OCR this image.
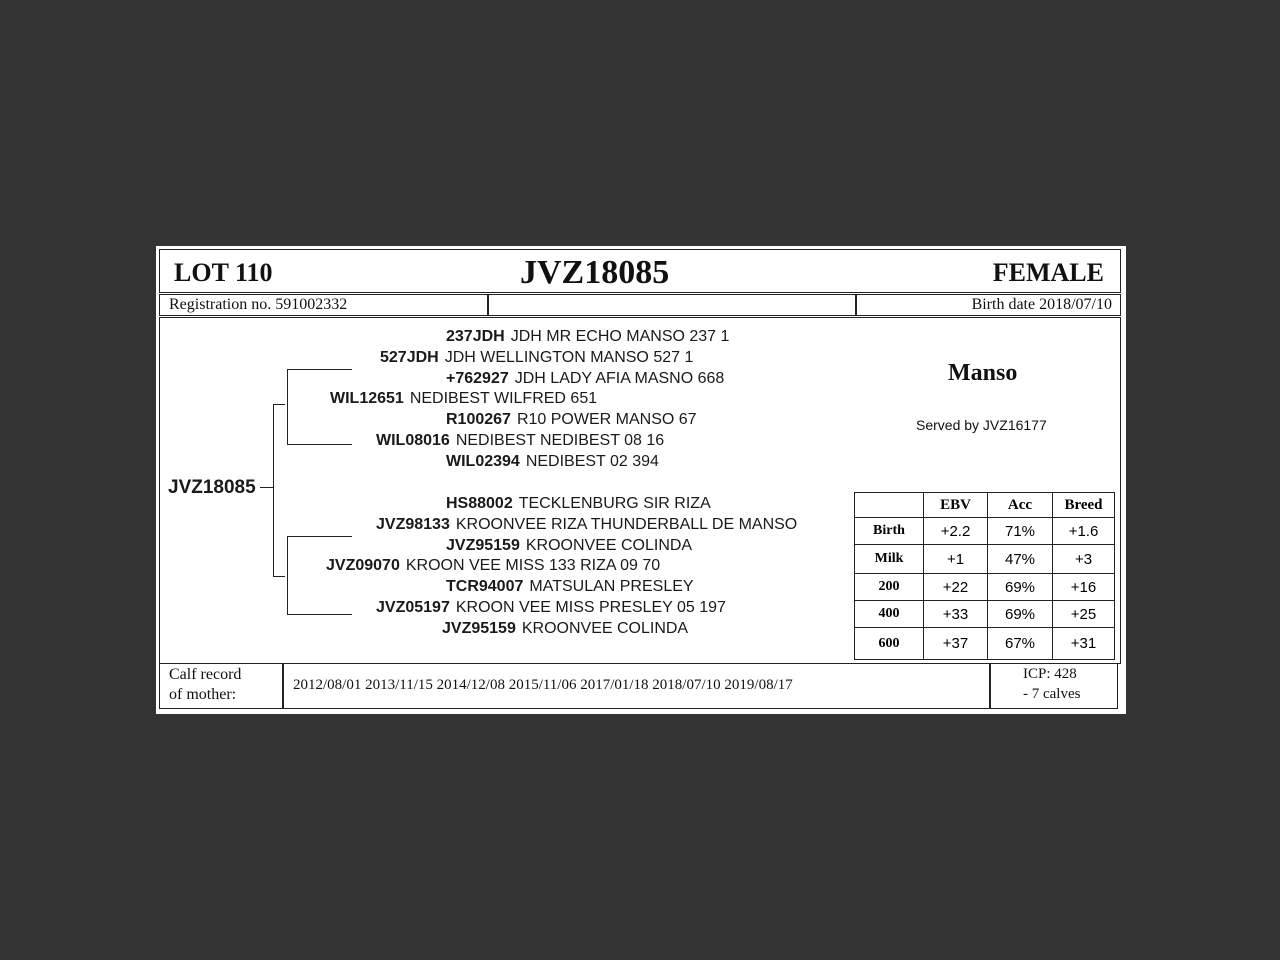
LOT 110	JVZ18085	FEMALE
Registration no. 591002332	Birth date 2018/07/10
JVZ18085
237JDH JDH MR ECHO MANSO 237 1
527JDH JDH WELLINGTON MANSO 527 1
+762927 JDH LADY AFIA MASNO 668
WIL12651 NEDIBEST WILFRED 651
R100267 R10 POWER MANSO 67
WIL08016 NEDIBEST NEDIBEST 08 16
WIL02394 NEDIBEST 02 394
HS88002 TECKLENBURG SIR RIZA
JVZ98133 KROONVEE RIZA THUNDERBALL DE MANSO
JVZ95159 KROONVEE COLINDA
JVZ09070 KROON VEE MISS 133 RIZA 09 70
TCR94007 MATSULAN PRESLEY
JVZ05197 KROON VEE MISS PRESLEY 05 197
JVZ95159 KROONVEE COLINDA
Manso
Served by JVZ16177
	EBV	Acc	Breed
Birth	+2.2	71%	+1.6
Milk	+1	47%	+3
200	+22	69%	+16
400	+33	69%	+25
600	+37	67%	+31
Calf record
of mother:
2012/08/01 2013/11/15 2014/12/08 2015/11/06 2017/01/18 2018/07/10 2019/08/17
ICP: 428
- 7 calves
